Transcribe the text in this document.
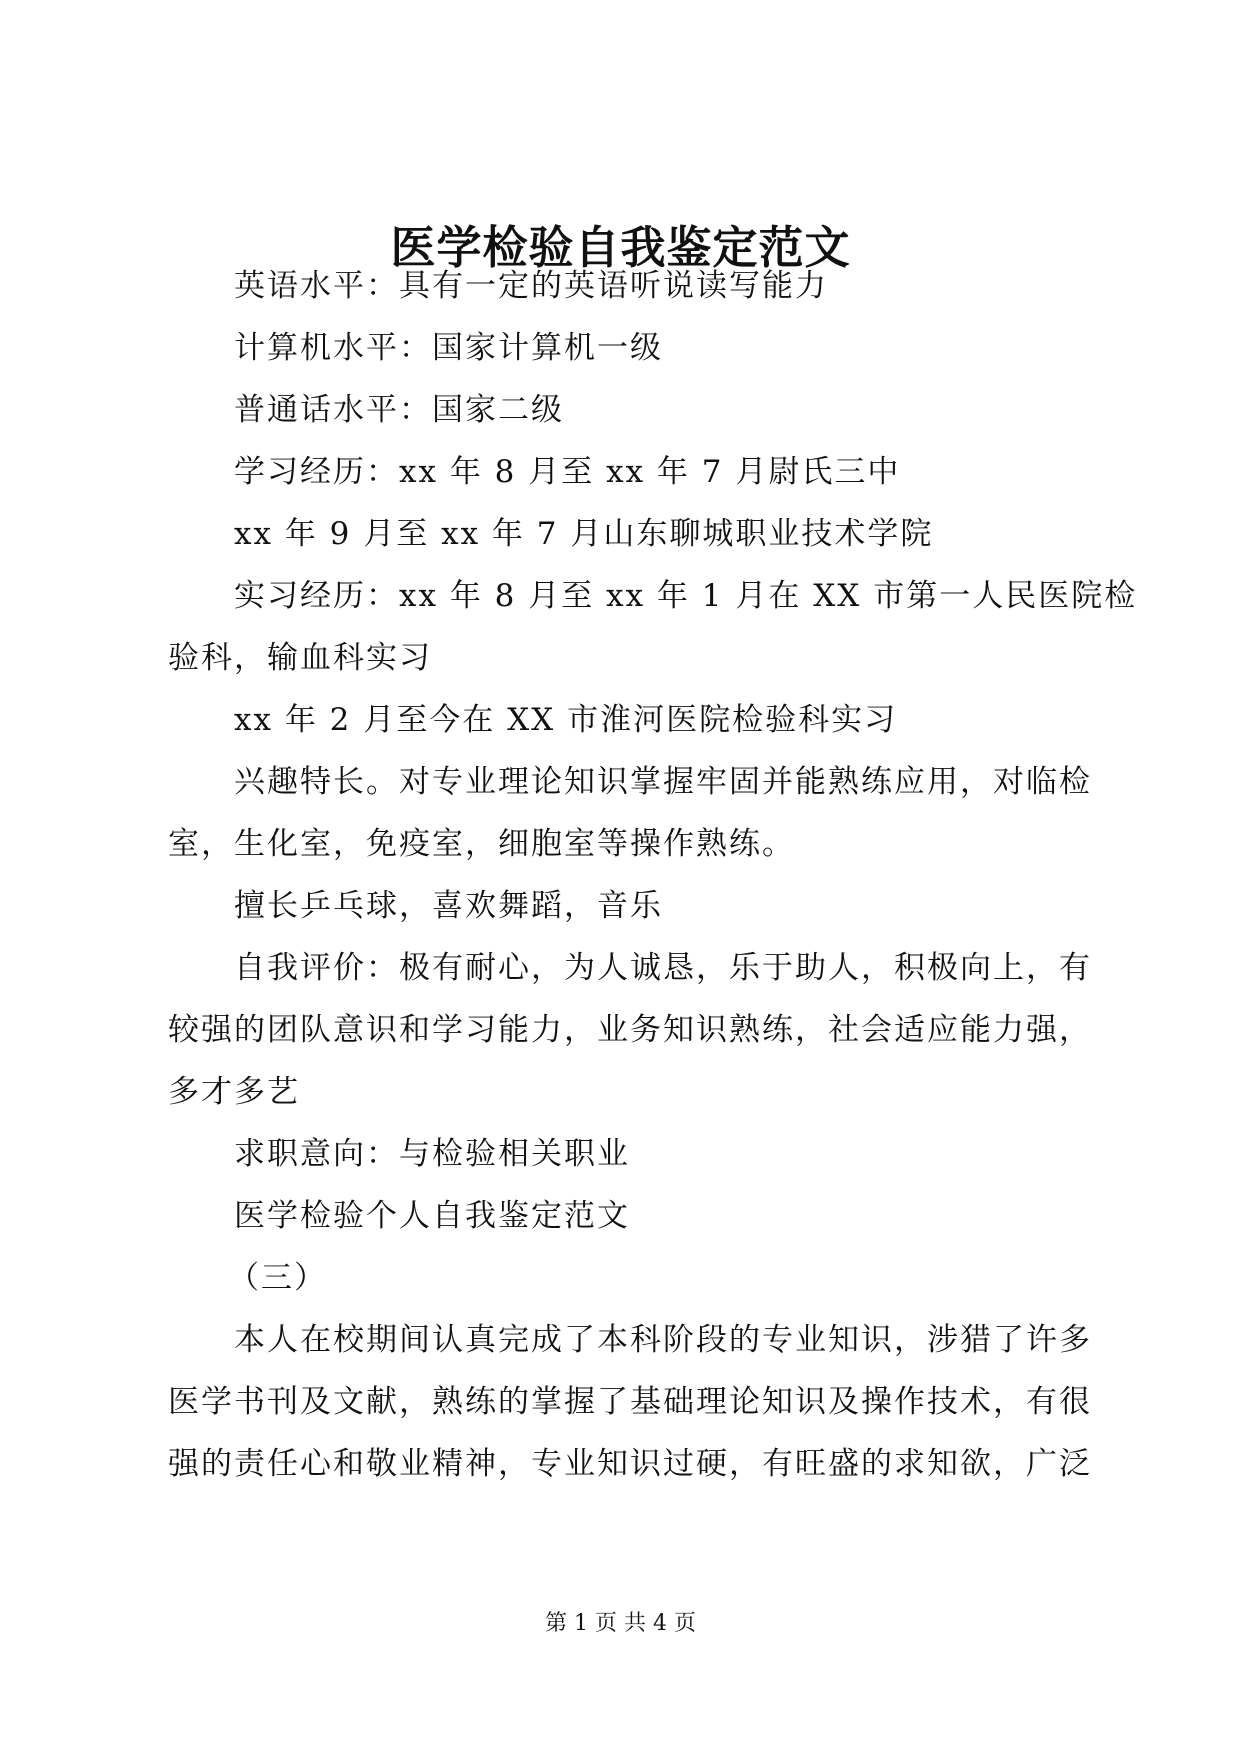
医学检验自我鉴定范文
英语水平：具有一定的英语听说读写能力
计算机水平：国家计算机一级
普通话水平：国家二级
学习经历：xx 年 8 月至 xx 年 7 月尉氏三中
xx 年 9 月至 xx 年 7 月山东聊城职业技术学院
实习经历：xx 年 8 月至 xx 年 1 月在 XX 市第一人民医院检
验科，输血科实习
xx 年 2 月至今在 XX 市淮河医院检验科实习
兴趣特长。对专业理论知识掌握牢固并能熟练应用，对临检
室，生化室，免疫室，细胞室等操作熟练。
擅长乒乓球，喜欢舞蹈，音乐
自我评价：极有耐心，为人诚恳，乐于助人，积极向上，有
较强的团队意识和学习能力，业务知识熟练，社会适应能力强，
多才多艺
求职意向：与检验相关职业
医学检验个人自我鉴定范文
（三）
本人在校期间认真完成了本科阶段的专业知识，涉猎了许多
医学书刊及文献，熟练的掌握了基础理论知识及操作技术，有很
强的责任心和敬业精神，专业知识过硬，有旺盛的求知欲，广泛
第 1 页 共 4 页
